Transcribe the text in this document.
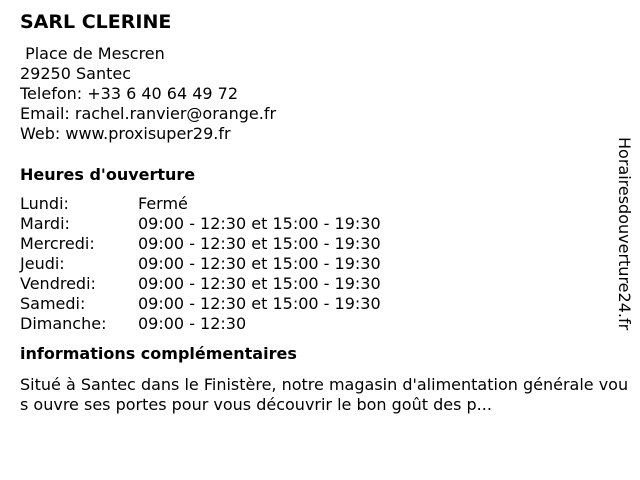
SARL CLERINE
Place de Mescren
29250 Santec
Telefon: +33 6 40 64 49 72
Email: rachel.ranvier@orange.fr
Web: www.proxisuper29.fr
Heures d'ouverture
Lundi:	Fermé
Mardi:	09:00 - 12:30 et 15:00 - 19:30
Mercredi:	09:00 - 12:30 et 15:00 - 19:30
Jeudi:	09:00 - 12:30 et 15:00 - 19:30
Vendredi:	09:00 - 12:30 et 15:00 - 19:30
Samedi:	09:00 - 12:30 et 15:00 - 19:30
Dimanche:	09:00 - 12:30
informations complémentaires
Situé à Santec dans le Finistère, notre magasin d'alimentation générale vous ouvre ses portes pour vous découvrir le bon goût des p...
Horairesdouverture24.fr
